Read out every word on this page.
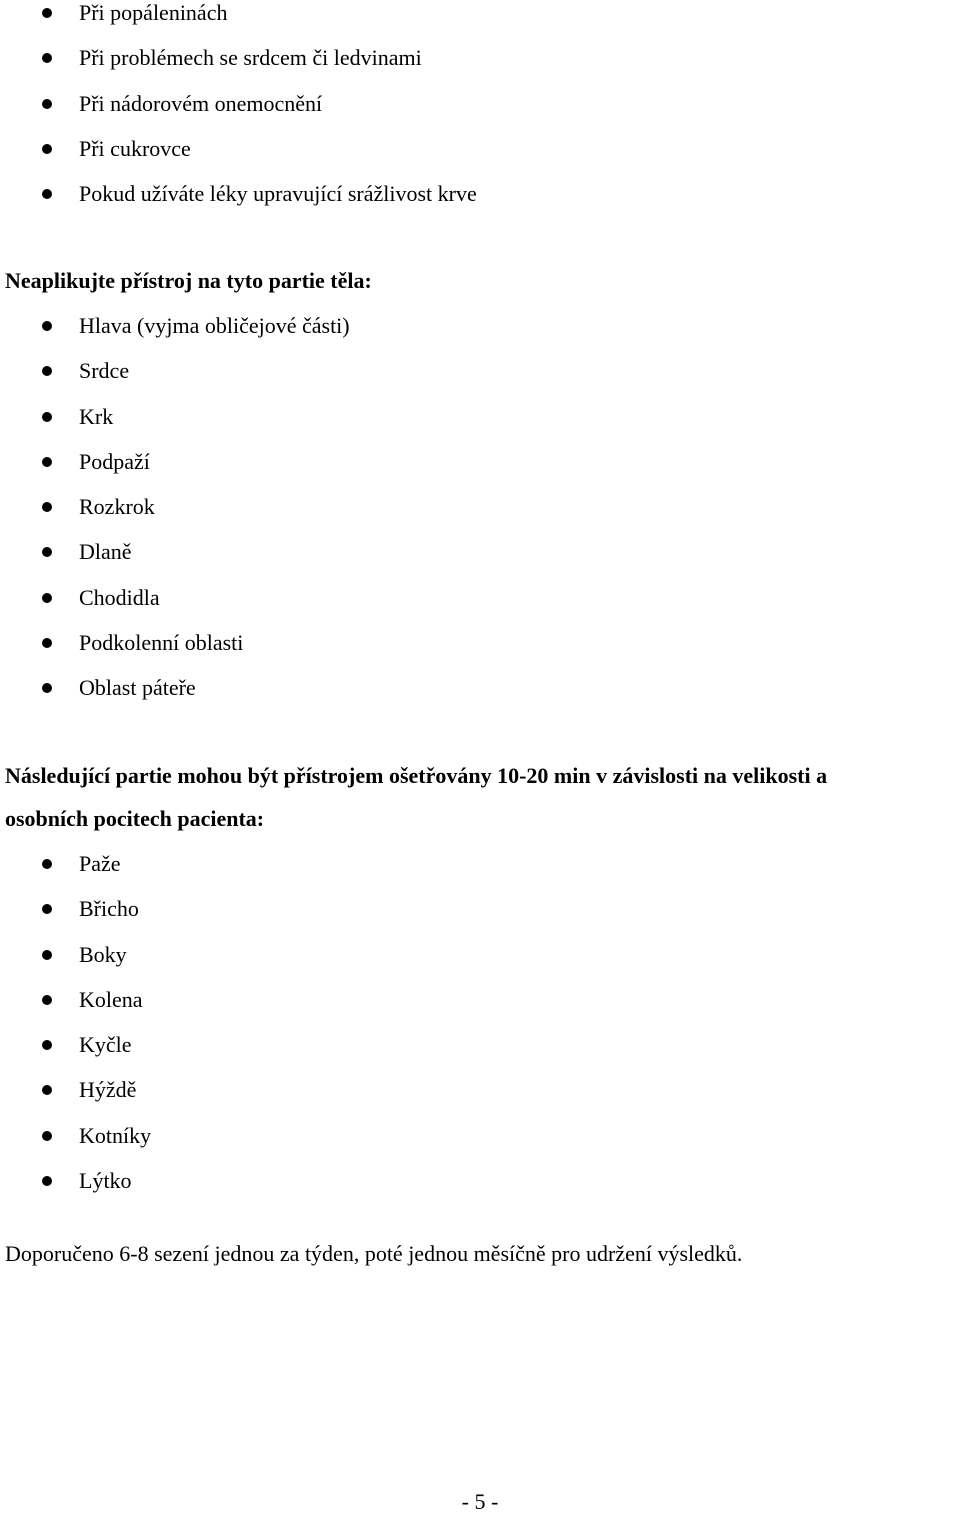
Při popáleninách
Při problémech se srdcem či ledvinami
Při nádorovém onemocnění
Při cukrovce
Pokud užíváte léky upravující srážlivost krve

Neaplikujte přístroj na tyto partie těla:

Hlava (vyjma obličejové části)
Srdce
Krk
Podpaží
Rozkrok
Dlaně
Chodidla
Podkolenní oblasti
Oblast páteře

Následující partie mohou být přístrojem ošetřovány 10-20 min v závislosti na velikosti a

osobních pocitech pacienta:

Paže
Břicho
Boky
Kolena
Kyčle
Hýždě
Kotníky
Lýtko
Doporučeno 6-8 sezení jednou za týden, poté jednou měsíčně pro udržení výsledků.
- 5 -
